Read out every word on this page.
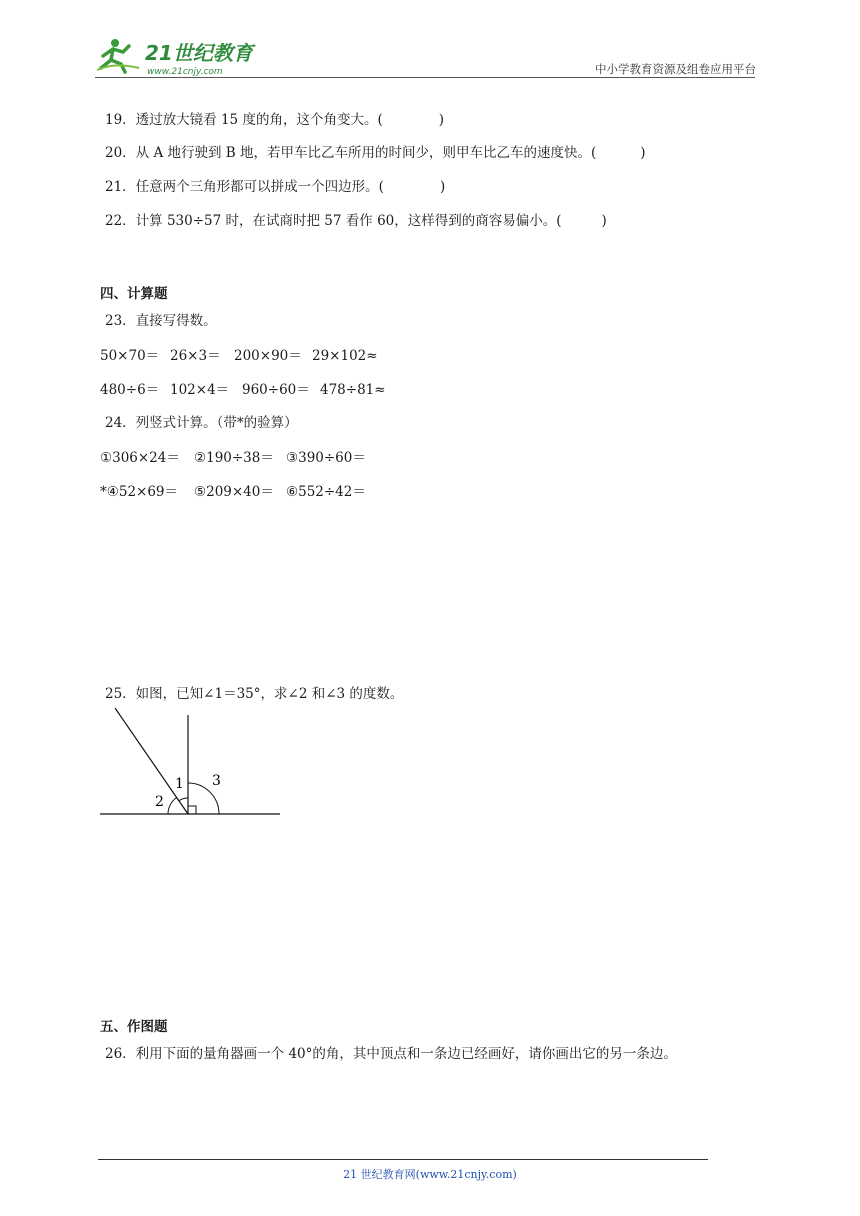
21世纪教育
www.21cnjy.com	中小学教育资源及组卷应用平台
19．透过放大镜看 15 度的角，这个角变大。(	)
20．从 A 地行驶到 B 地，若甲车比乙车所用的时间少，则甲车比乙车的速度快。(	)
21．任意两个三角形都可以拼成一个四边形。(	)
22．计算 530÷57 时，在试商时把 57 看作 60，这样得到的商容易偏小。(	)
四、计算题
23．直接写得数。
50×70＝ 26×3＝ 200×90＝ 29×102≈
480÷6＝ 102×4＝ 960÷60＝ 478÷81≈
24．列竖式计算。（带*的验算）
①306×24＝ ②190÷38＝ ③390÷60＝
*④52×69＝ ⑤209×40＝ ⑥552÷42＝
25．如图，已知∠1＝35°，求∠2 和∠3 的度数。
1
2
3
五、作图题
26．利用下面的量角器画一个 40°的角，其中顶点和一条边已经画好，请你画出它的另一条边。
21 世纪教育网(www.21cnjy.com)
